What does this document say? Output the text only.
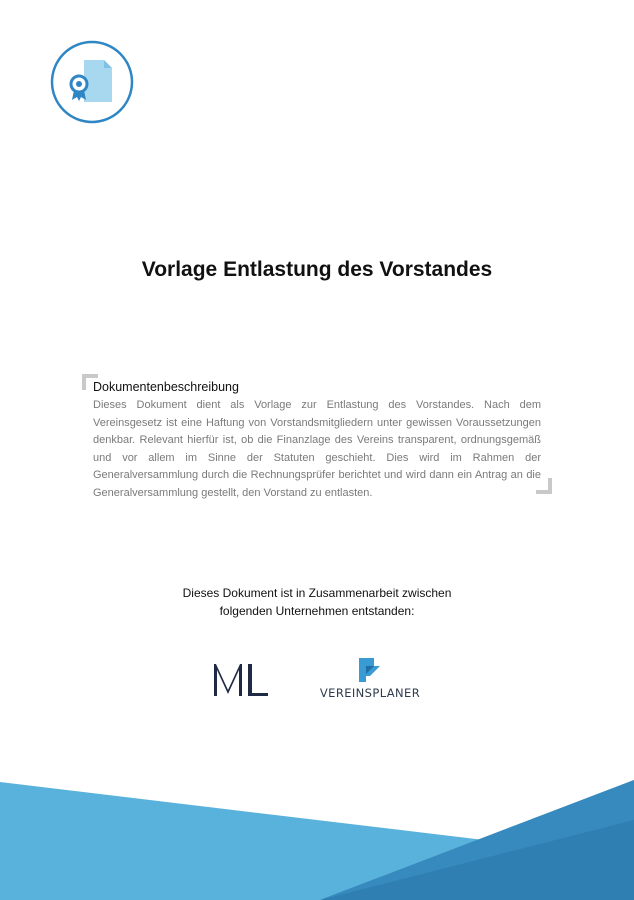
Vorlage Entlastung des Vorstandes
Dokumentenbeschreibung

Dieses Dokument dient als Vorlage zur Entlastung des Vorstandes. Nach dem Vereinsgesetz ist eine Haftung von Vorstandsmitgliedern unter gewissen Voraussetzungen denkbar. Relevant hierfür ist, ob die Finanzlage des Vereins transparent, ordnungsgemäß und vor allem im Sinne der Statuten geschieht. Dies wird im Rahmen der Generalversammlung durch die Rechnungsprüfer berichtet und wird dann ein Antrag an die Generalversammlung gestellt, den Vorstand zu entlasten.

Dieses Dokument ist in Zusammenarbeit zwischen

folgenden Unternehmen entstanden:

VEREINSPLANER
